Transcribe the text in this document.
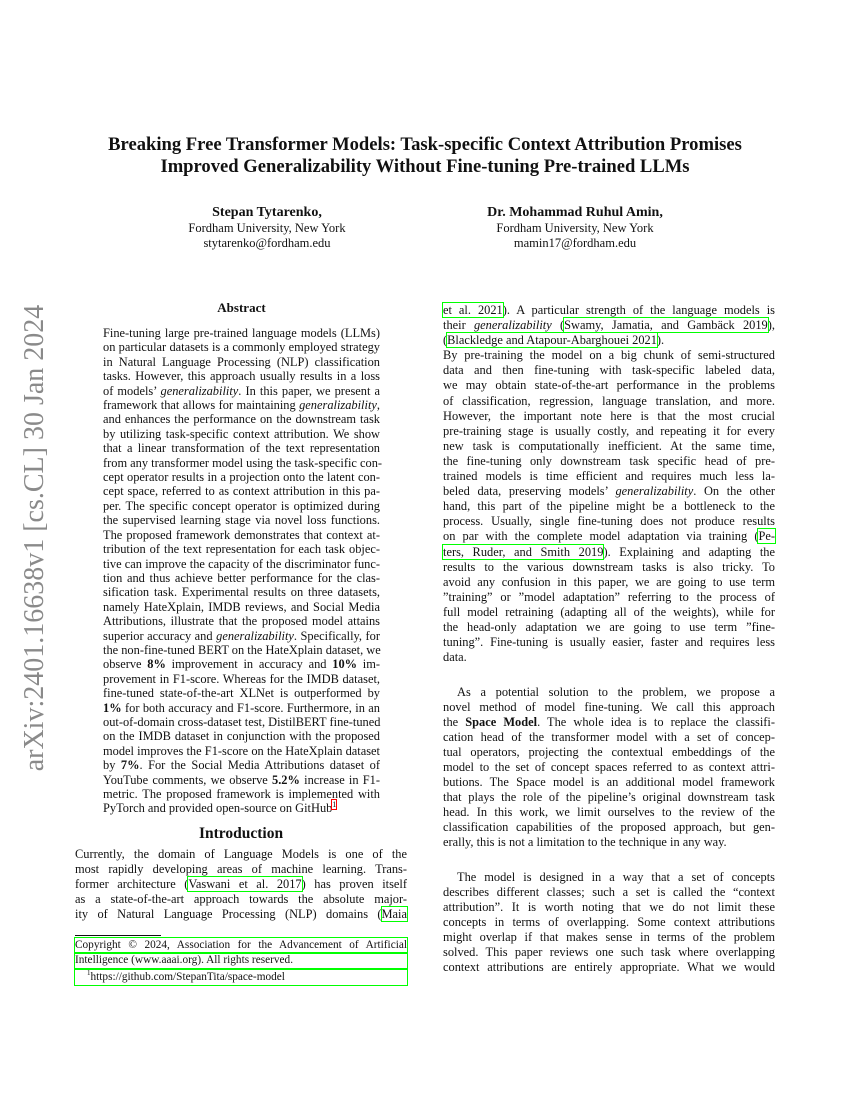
arXiv:2401.16638v1 [cs.CL] 30 Jan 2024
Breaking Free Transformer Models: Task-specific Context Attribution Promises
Improved Generalizability Without Fine-tuning Pre-trained LLMs
Stepan Tytarenko,
Fordham University, New York
stytarenko@fordham.edu
Dr. Mohammad Ruhul Amin,
Fordham University, New York
mamin17@fordham.edu
Abstract
Fine-tuning large pre-trained language models (LLMs)
on particular datasets is a commonly employed strategy
in Natural Language Processing (NLP) classification
tasks. However, this approach usually results in a loss
of models’ generalizability. In this paper, we present a
framework that allows for maintaining generalizability,
and enhances the performance on the downstream task
by utilizing task-specific context attribution. We show
that a linear transformation of the text representation
from any transformer model using the task-specific con-
cept operator results in a projection onto the latent con-
cept space, referred to as context attribution in this pa-
per. The specific concept operator is optimized during
the supervised learning stage via novel loss functions.
The proposed framework demonstrates that context at-
tribution of the text representation for each task objec-
tive can improve the capacity of the discriminator func-
tion and thus achieve better performance for the clas-
sification task. Experimental results on three datasets,
namely HateXplain, IMDB reviews, and Social Media
Attributions, illustrate that the proposed model attains
superior accuracy and generalizability. Specifically, for
the non-fine-tuned BERT on the HateXplain dataset, we
observe 8% improvement in accuracy and 10% im-
provement in F1-score. Whereas for the IMDB dataset,
fine-tuned state-of-the-art XLNet is outperformed by
1% for both accuracy and F1-score. Furthermore, in an
out-of-domain cross-dataset test, DistilBERT fine-tuned
on the IMDB dataset in conjunction with the proposed
model improves the F1-score on the HateXplain dataset
by 7%. For the Social Media Attributions dataset of
YouTube comments, we observe 5.2% increase in F1-
metric. The proposed framework is implemented with
PyTorch and provided open-source on GitHub$^1$
Introduction
Currently, the domain of Language Models is one of the
most rapidly developing areas of machine learning. Trans-
former architecture (Vaswani et al. 2017) has proven itself
as a state-of-the-art approach towards the absolute major-
ity of Natural Language Processing (NLP) domains (Maia
Copyright © 2024, Association for the Advancement of Artificial
Intelligence (www.aaai.org). All rights reserved.
$^1$https://github.com/StepanTita/space-model
et al. 2021). A particular strength of the language models is
their generalizability (Swamy, Jamatia, and Gambäck 2019),
(Blackledge and Atapour-Abarghouei 2021).
By pre-training the model on a big chunk of semi-structured
data and then fine-tuning with task-specific labeled data,
we may obtain state-of-the-art performance in the problems
of classification, regression, language translation, and more.
However, the important note here is that the most crucial
pre-training stage is usually costly, and repeating it for every
new task is computationally inefficient. At the same time,
the fine-tuning only downstream task specific head of pre-
trained models is time efficient and requires much less la-
beled data, preserving models’ generalizability. On the other
hand, this part of the pipeline might be a bottleneck to the
process. Usually, single fine-tuning does not produce results
on par with the complete model adaptation via training (Pe-
ters, Ruder, and Smith 2019). Explaining and adapting the
results to the various downstream tasks is also tricky. To
avoid any confusion in this paper, we are going to use term
”training” or ”model adaptation” referring to the process of
full model retraining (adapting all of the weights), while for
the head-only adaptation we are going to use term ”fine-
tuning”. Fine-tuning is usually easier, faster and requires less
data.
As a potential solution to the problem, we propose a
novel method of model fine-tuning. We call this approach
the Space Model. The whole idea is to replace the classifi-
cation head of the transformer model with a set of concep-
tual operators, projecting the contextual embeddings of the
model to the set of concept spaces referred to as context attri-
butions. The Space model is an additional model framework
that plays the role of the pipeline’s original downstream task
head. In this work, we limit ourselves to the review of the
classification capabilities of the proposed approach, but gen-
erally, this is not a limitation to the technique in any way.
The model is designed in a way that a set of concepts
describes different classes; such a set is called the “context
attribution”. It is worth noting that we do not limit these
concepts in terms of overlapping. Some context attributions
might overlap if that makes sense in terms of the problem
solved. This paper reviews one such task where overlapping
context attributions are entirely appropriate. What we would
